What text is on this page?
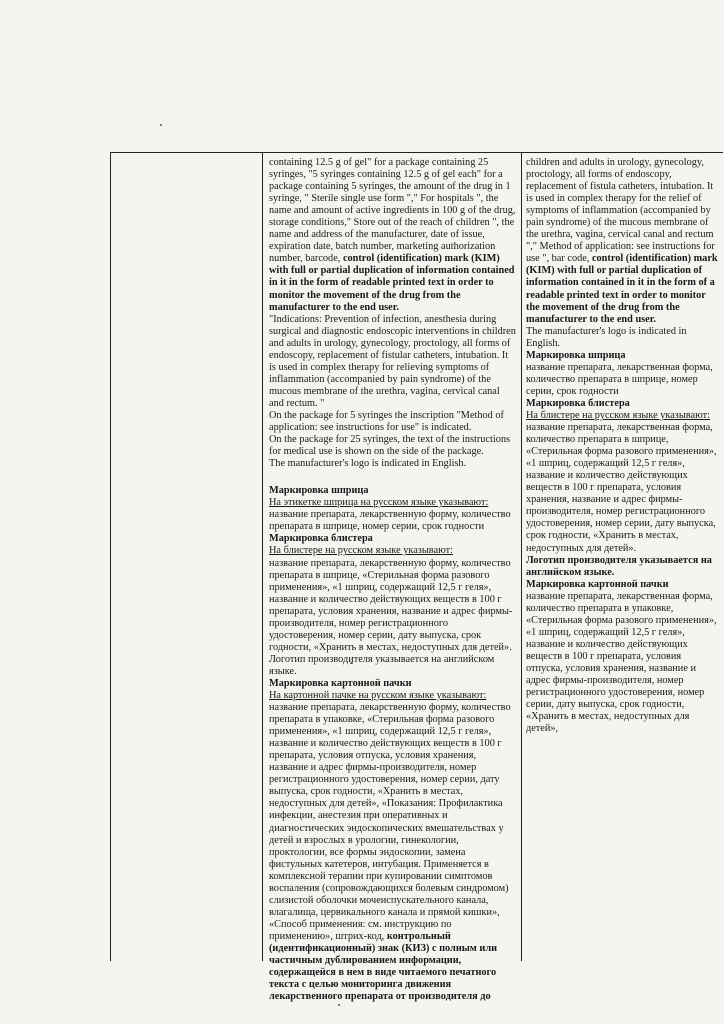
containing 12.5 g of gel" for a package containing 25 syringes, "5 syringes containing 12.5 g of gel each" for a package containing 5 syringes, the amount of the drug in 1 syringe, " Sterile single use form "," For hospitals ", the name and amount of active ingredients in 100 g of the drug, storage conditions," Store out of the reach of children ", the name and address of the manufacturer, date of issue, expiration date, batch number, marketing authorization number, barcode, control (identification) mark (KIM) with full or partial duplication of information contained in it in the form of readable printed text in order to monitor the movement of the drug from the manufacturer to the end user.

"Indications: Prevention of infection, anesthesia during surgical and diagnostic endoscopic interventions in children and adults in urology, gynecology, proctology, all forms of endoscopy, replacement of fistular catheters, intubation. It is used in complex therapy for relieving symptoms of inflammation (accompanied by pain syndrome) of the mucous membrane of the urethra, vagina, cervical canal and rectum. "

On the package for 5 syringes the inscription "Method of application: see instructions for use" is indicated.

On the package for 25 syringes, the text of the instructions for medical use is shown on the side of the package.

The manufacturer's logo is indicated in English.

Маркировка шприца

На этикетке шприца на русском языке указывают:

название препарата, лекарственную форму, количество препарата в шприце, номер серии, срок годности

Маркировка блистера

На блистере на русском языке указывают:

название препарата, лекарственную форму, количество препарата в шприце, «Стерильная форма разового применения», «1 шприц, содержащий 12,5 г геля», название и количество действующих веществ в 100 г препарата, условия хранения, название и адрес фирмы-производителя, номер регистрационного удостоверения, номер серии, дату выпуска, срок годности, «Хранить в местах, недоступных для детей».

Логотип производителя указывается на английском языке.

Маркировка картонной пачки

На картонной пачке на русском языке указывают:

название препарата, лекарственную форму, количество препарата в упаковке, «Стерильная форма разового применения», «1 шприц, содержащий 12,5 г геля», название и количество действующих веществ в 100 г препарата, условия отпуска, условия хранения, название и адрес фирмы-производителя, номер регистрационного удостоверения, номер серии, дату выпуска, срок годности, «Хранить в местах, недоступных для детей», «Показания: Профилактика инфекции, анестезия при оперативных и диагностических эндоскопических вмешательствах у детей и взрослых в урологии, гинекологии, проктологии, все формы эндоскопии, замена фистульных катетеров, интубация. Применяется в комплексной терапии при купировании симптомов воспаления (сопровождающихся болевым синдромом) слизистой оболочки мочеиспускательного канала, влагалища, цервикального канала и прямой кишки», «Способ применения: см. инструкцию по применению», штрих-код, контрольный (идентификационный) знак (КИЗ) с полным или частичным дублированием информации, содержащейся в нем в виде читаемого печатного текста с целью мониторинга движения лекарственного препарата от производителя до

children and adults in urology, gynecology, proctology, all forms of endoscopy, replacement of fistula catheters, intubation. It is used in complex therapy for the relief of symptoms of inflammation (accompanied by pain syndrome) of the mucous membrane of the urethra, vagina, cervical canal and rectum "," Method of application: see instructions for use ", bar code, control (identification) mark (KIM) with full or partial duplication of information contained in it in the form of a readable printed text in order to monitor the movement of the drug from the manufacturer to the end user.

The manufacturer's logo is indicated in English.

Маркировка шприца

название препарата, лекарственная форма, количество препарата в шприце, номер серии, срок годности

Маркировка блистера

На блистере на русском языке указывают:

название препарата, лекарственная форма, количество препарата в шприце, «Стерильная форма разового применения», «1 шприц, содержащий 12,5 г геля», название и количество действующих веществ в 100 г препарата, условия хранения, название и адрес фирмы-производителя, номер регистрационного удостоверения, номер серии, дату выпуска, срок годности, «Хранить в местах, недоступных для детей».

Логотип производителя указывается на английском языке.

Маркировка картонной пачки

название препарата, лекарственная форма, количество препарата в упаковке, «Стерильная форма разового применения», «1 шприц, содержащий 12,5 г геля», название и количество действующих веществ в 100 г препарата, условия отпуска, условия хранения, название и адрес фирмы-производителя, номер регистрационного удостоверения, номер серии, дату выпуска, срок годности, «Хранить в местах, недоступных для детей»,
